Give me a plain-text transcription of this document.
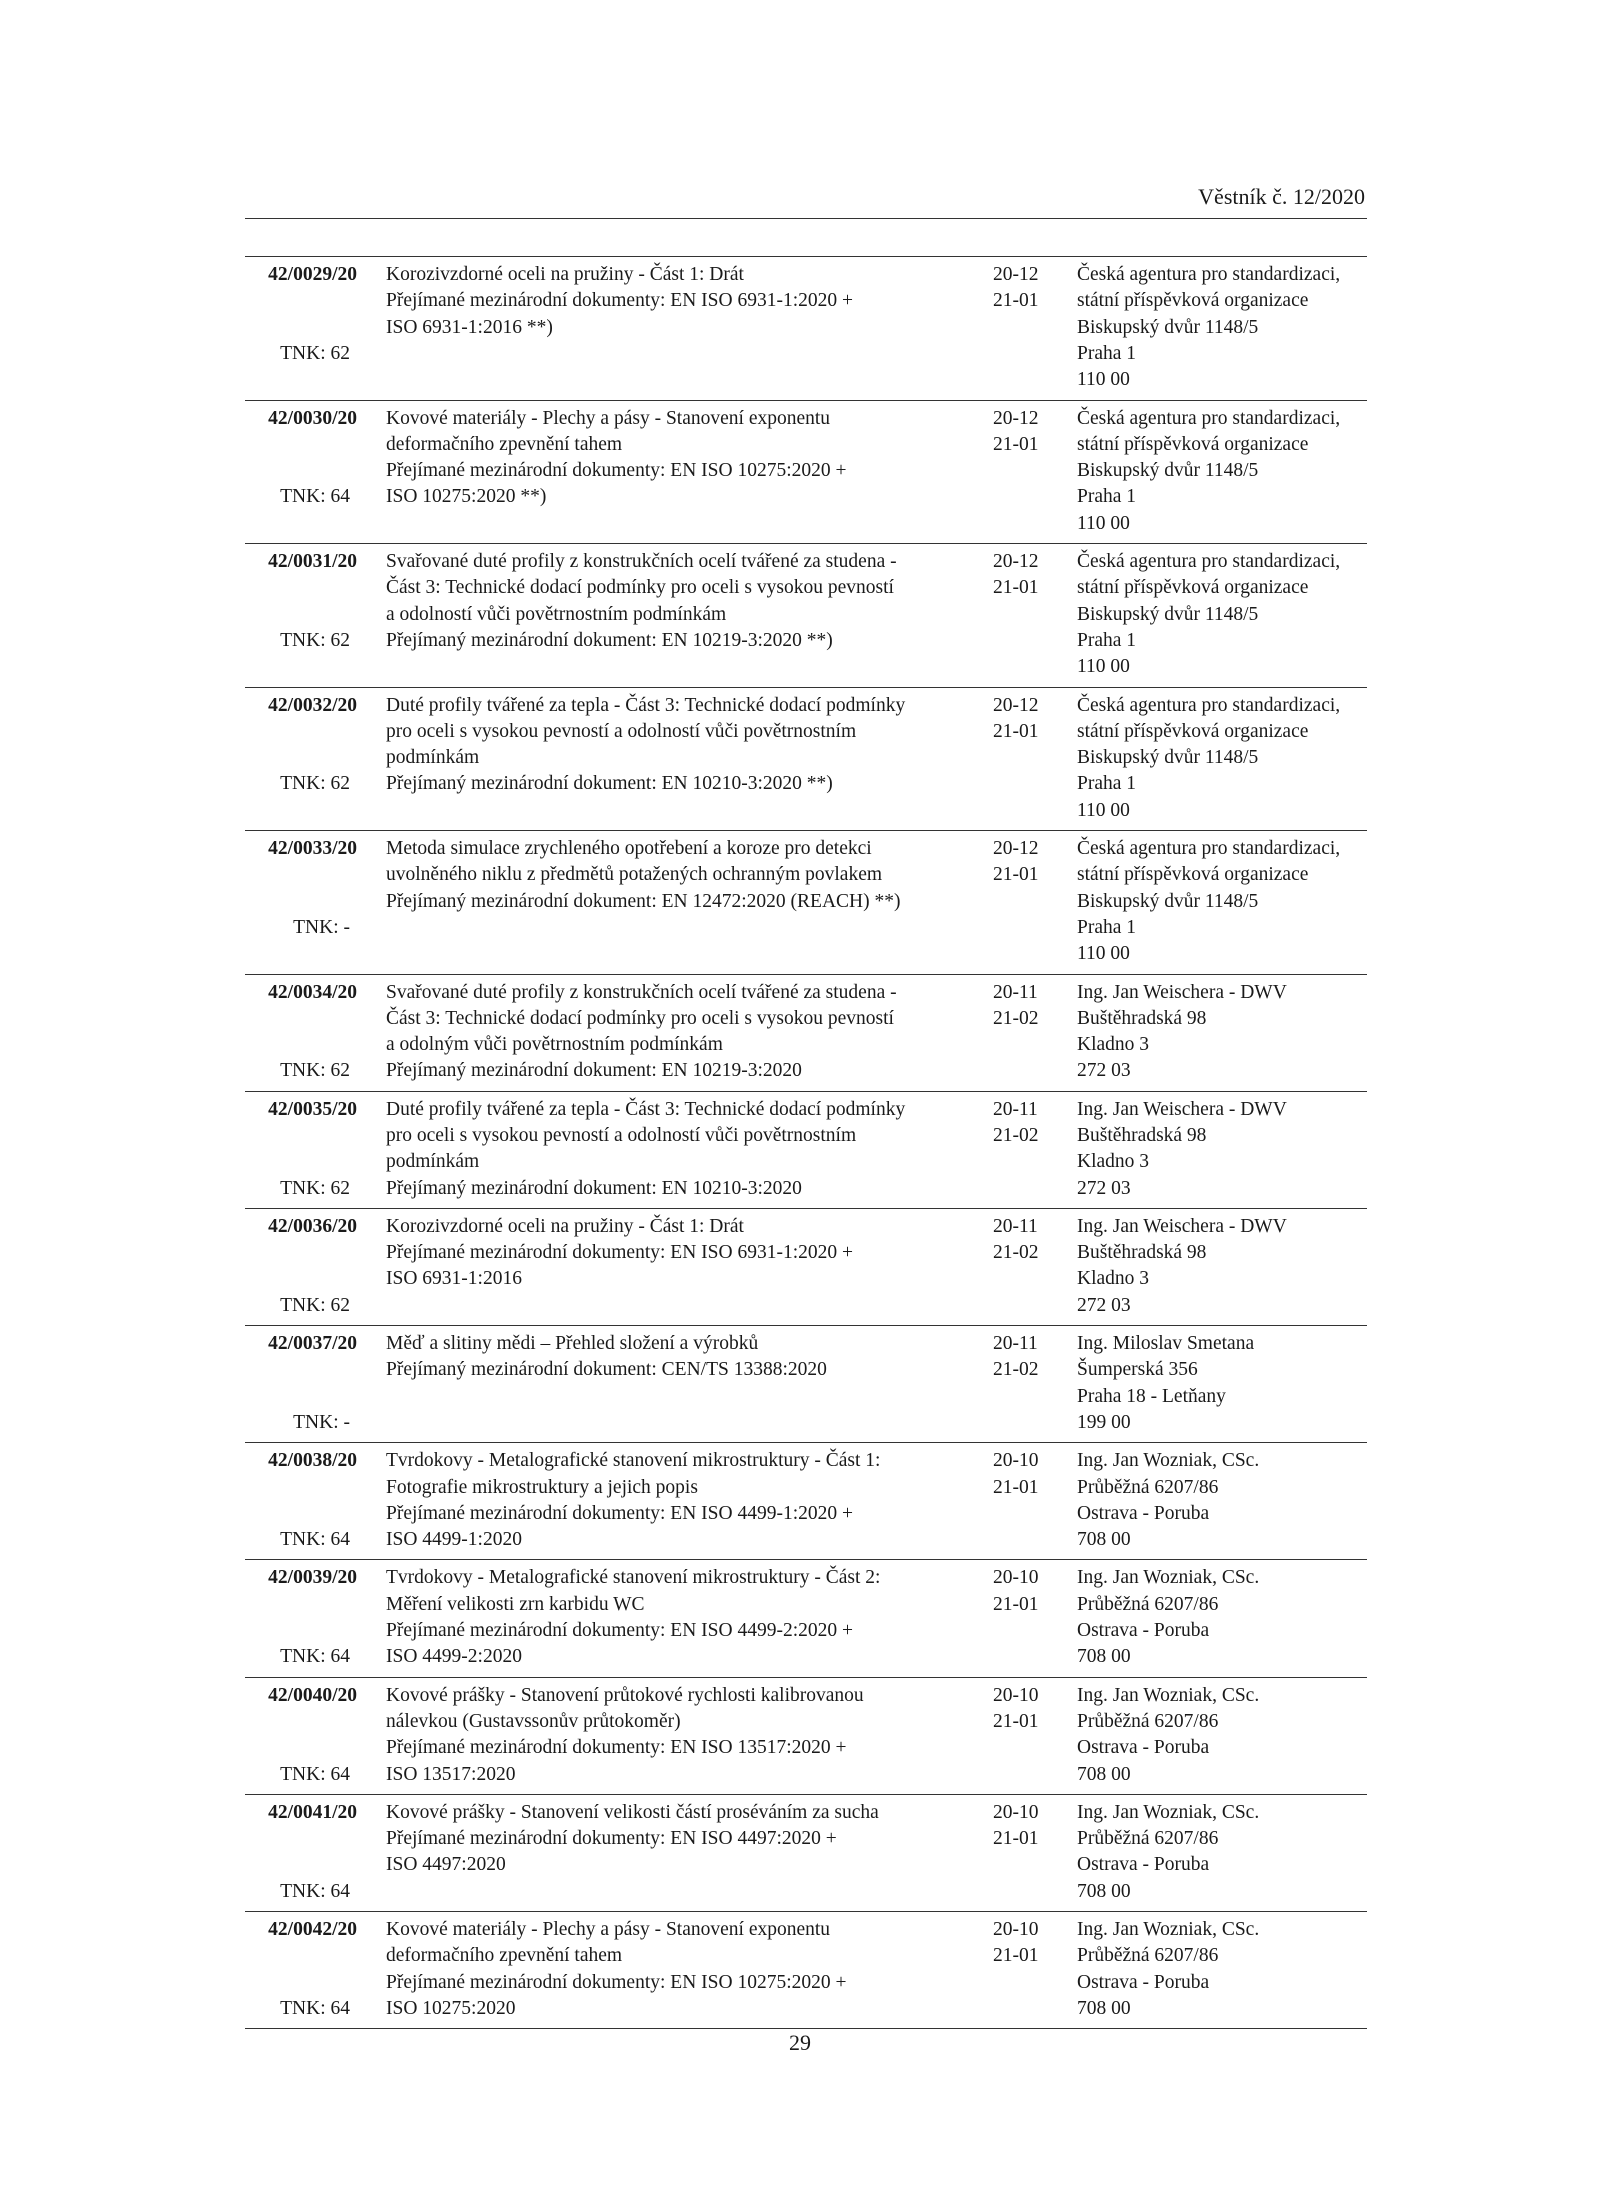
Věstník č. 12/2020
42/0029/20
TNK: 62
Korozivzdorné oceli na pružiny - Část 1: Drát
Přejímané mezinárodní dokumenty: EN ISO 6931-1:2020 +
ISO 6931-1:2016 **)
20-12
21-01
Česká agentura pro standardizaci,
státní příspěvková organizace
Biskupský dvůr 1148/5
Praha 1
110 00
42/0030/20
TNK: 64
Kovové materiály - Plechy a pásy - Stanovení exponentu
deformačního zpevnění tahem
Přejímané mezinárodní dokumenty: EN ISO 10275:2020 +
ISO 10275:2020 **)
20-12
21-01
Česká agentura pro standardizaci,
státní příspěvková organizace
Biskupský dvůr 1148/5
Praha 1
110 00
42/0031/20
TNK: 62
Svařované duté profily z konstrukčních ocelí tvářené za studena -
Část 3: Technické dodací podmínky pro oceli s vysokou pevností
a odolností vůči povětrnostním podmínkám
Přejímaný mezinárodní dokument: EN 10219-3:2020 **)
20-12
21-01
Česká agentura pro standardizaci,
státní příspěvková organizace
Biskupský dvůr 1148/5
Praha 1
110 00
42/0032/20
TNK: 62
Duté profily tvářené za tepla - Část 3: Technické dodací podmínky
pro oceli s vysokou pevností a odolností vůči povětrnostním
podmínkám
Přejímaný mezinárodní dokument: EN 10210-3:2020 **)
20-12
21-01
Česká agentura pro standardizaci,
státní příspěvková organizace
Biskupský dvůr 1148/5
Praha 1
110 00
42/0033/20
TNK: -
Metoda simulace zrychleného opotřebení a koroze pro detekci
uvolněného niklu z předmětů potažených ochranným povlakem
Přejímaný mezinárodní dokument: EN 12472:2020 (REACH) **)
20-12
21-01
Česká agentura pro standardizaci,
státní příspěvková organizace
Biskupský dvůr 1148/5
Praha 1
110 00
42/0034/20
TNK: 62
Svařované duté profily z konstrukčních ocelí tvářené za studena -
Část 3: Technické dodací podmínky pro oceli s vysokou pevností
a odolným vůči povětrnostním podmínkám
Přejímaný mezinárodní dokument: EN 10219-3:2020
20-11
21-02
Ing. Jan Weischera - DWV
Buštěhradská 98
Kladno 3
272 03
42/0035/20
TNK: 62
Duté profily tvářené za tepla - Část 3: Technické dodací podmínky
pro oceli s vysokou pevností a odolností vůči povětrnostním
podmínkám
Přejímaný mezinárodní dokument: EN 10210-3:2020
20-11
21-02
Ing. Jan Weischera - DWV
Buštěhradská 98
Kladno 3
272 03
42/0036/20
TNK: 62
Korozivzdorné oceli na pružiny - Část 1: Drát
Přejímané mezinárodní dokumenty: EN ISO 6931-1:2020 +
ISO 6931-1:2016
20-11
21-02
Ing. Jan Weischera - DWV
Buštěhradská 98
Kladno 3
272 03
42/0037/20
TNK: -
Měď a slitiny mědi – Přehled složení a výrobků
Přejímaný mezinárodní dokument: CEN/TS 13388:2020
20-11
21-02
Ing. Miloslav Smetana
Šumperská 356
Praha 18 - Letňany
199 00
42/0038/20
TNK: 64
Tvrdokovy - Metalografické stanovení mikrostruktury - Část 1:
Fotografie mikrostruktury a jejich popis
Přejímané mezinárodní dokumenty: EN ISO 4499-1:2020 +
ISO 4499-1:2020
20-10
21-01
Ing. Jan Wozniak, CSc.
Průběžná 6207/86
Ostrava - Poruba
708 00
42/0039/20
TNK: 64
Tvrdokovy - Metalografické stanovení mikrostruktury - Část 2:
Měření velikosti zrn karbidu WC
Přejímané mezinárodní dokumenty: EN ISO 4499-2:2020 +
ISO 4499-2:2020
20-10
21-01
Ing. Jan Wozniak, CSc.
Průběžná 6207/86
Ostrava - Poruba
708 00
42/0040/20
TNK: 64
Kovové prášky - Stanovení průtokové rychlosti kalibrovanou
nálevkou (Gustavssonův průtokoměr)
Přejímané mezinárodní dokumenty: EN ISO 13517:2020 +
ISO 13517:2020
20-10
21-01
Ing. Jan Wozniak, CSc.
Průběžná 6207/86
Ostrava - Poruba
708 00
42/0041/20
TNK: 64
Kovové prášky - Stanovení velikosti částí proséváním za sucha
Přejímané mezinárodní dokumenty: EN ISO 4497:2020 +
ISO 4497:2020
20-10
21-01
Ing. Jan Wozniak, CSc.
Průběžná 6207/86
Ostrava - Poruba
708 00
42/0042/20
TNK: 64
Kovové materiály - Plechy a pásy - Stanovení exponentu
deformačního zpevnění tahem
Přejímané mezinárodní dokumenty: EN ISO 10275:2020 +
ISO 10275:2020
20-10
21-01
Ing. Jan Wozniak, CSc.
Průběžná 6207/86
Ostrava - Poruba
708 00
29
